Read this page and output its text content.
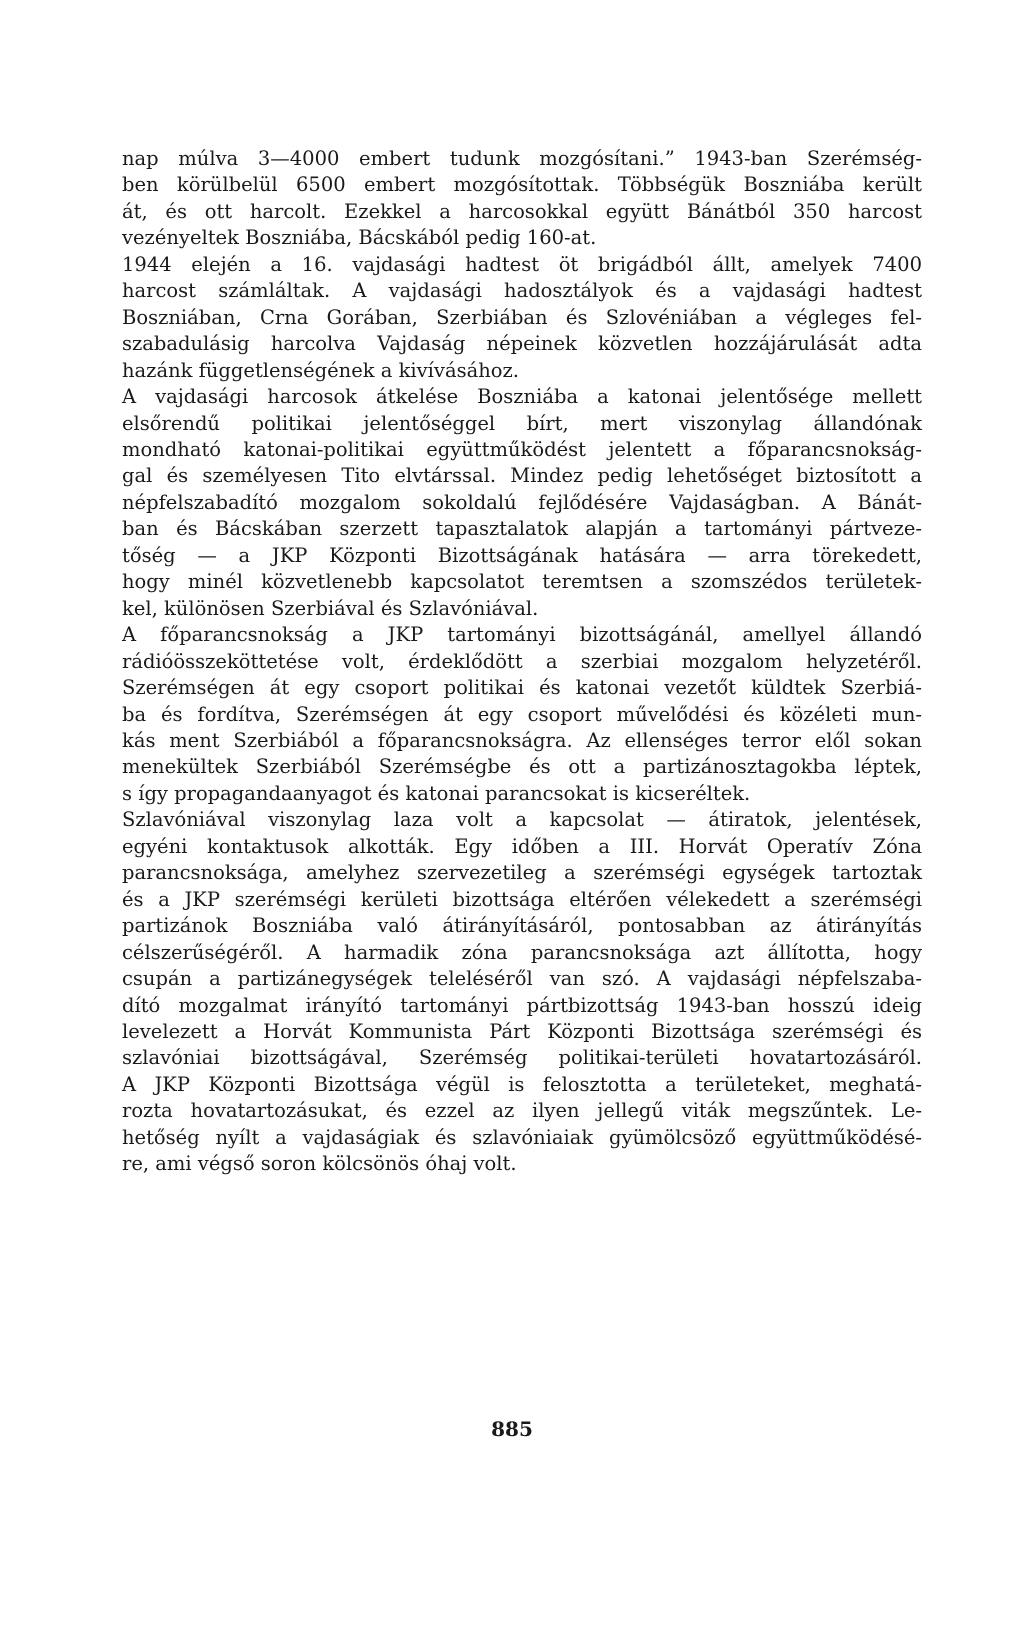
nap múlva 3—4000 embert tudunk mozgósítani.” 1943-ban Szerémség-
ben körülbelül 6500 embert mozgósítottak. Többségük Boszniába került
át, és ott harcolt. Ezekkel a harcosokkal együtt Bánátból 350 harcost
vezényeltek Boszniába, Bácskából pedig 160-at.
1944 elején a 16. vajdasági hadtest öt brigádból állt, amelyek 7400
harcost számláltak. A vajdasági hadosztályok és a vajdasági hadtest
Boszniában, Crna Gorában, Szerbiában és Szlovéniában a végleges fel-
szabadulásig harcolva Vajdaság népeinek közvetlen hozzájárulását adta
hazánk függetlenségének a kivívásához.
A vajdasági harcosok átkelése Boszniába a katonai jelentősége mellett
elsőrendű politikai jelentőséggel bírt, mert viszonylag állandónak
mondható katonai-politikai együttműködést jelentett a főparancsnokság-
gal és személyesen Tito elvtárssal. Mindez pedig lehetőséget biztosított a
népfelszabadító mozgalom sokoldalú fejlődésére Vajdaságban. A Bánát-
ban és Bácskában szerzett tapasztalatok alapján a tartományi pártveze-
tőség — a JKP Központi Bizottságának hatására — arra törekedett,
hogy minél közvetlenebb kapcsolatot teremtsen a szomszédos területek-
kel, különösen Szerbiával és Szlavóniával.
A főparancsnokság a JKP tartományi bizottságánál, amellyel állandó
rádióösszeköttetése volt, érdeklődött a szerbiai mozgalom helyzetéről.
Szerémségen át egy csoport politikai és katonai vezetőt küldtek Szerbiá-
ba és fordítva, Szerémségen át egy csoport művelődési és közéleti mun-
kás ment Szerbiából a főparancsnokságra. Az ellenséges terror elől sokan
menekültek Szerbiából Szerémségbe és ott a partizánosztagokba léptek,
s így propagandaanyagot és katonai parancsokat is kicseréltek.
Szlavóniával viszonylag laza volt a kapcsolat — átiratok, jelentések,
egyéni kontaktusok alkották. Egy időben a III. Horvát Operatív Zóna
parancsnoksága, amelyhez szervezetileg a szerémségi egységek tartoztak
és a JKP szerémségi kerületi bizottsága eltérően vélekedett a szerémségi
partizánok Boszniába való átirányításáról, pontosabban az átirányítás
célszerűségéről. A harmadik zóna parancsnoksága azt állította, hogy
csupán a partizánegységek teleléséről van szó. A vajdasági népfelszaba-
dító mozgalmat irányító tartományi pártbizottság 1943-ban hosszú ideig
levelezett a Horvát Kommunista Párt Központi Bizottsága szerémségi és
szlavóniai bizottságával, Szerémség politikai-területi hovatartozásáról.
A JKP Központi Bizottsága végül is felosztotta a területeket, meghatá-
rozta hovatartozásukat, és ezzel az ilyen jellegű viták megszűntek. Le-
hetőség nyílt a vajdaságiak és szlavóniaiak gyümölcsöző együttműködésé-
re, ami végső soron kölcsönös óhaj volt.
885
